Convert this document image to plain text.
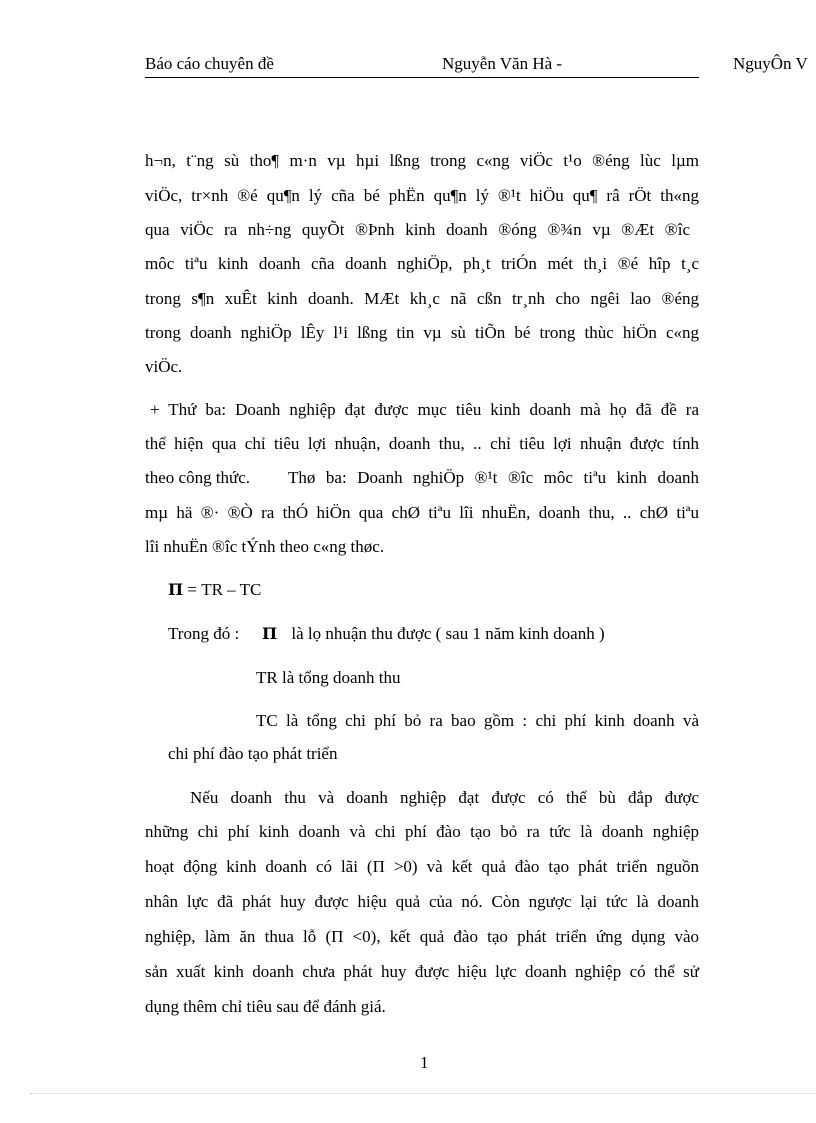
Báo cáo chuyên đề	Nguyễn Văn Hà -	NguyÔn V
h¬n, t¨ng sù tho¶ m·n vµ hµi lßng trong c«ng viÖc t¹o ®éng lùc lµm
viÖc, tr×nh ®é qu¶n lý cña bé phËn qu¶n lý ®¹t hiÖu qu¶ râ rÖt th«ng
qua viÖc ra nh÷ng quyÕt ®Þnh kinh doanh ®óng ®¾n vµ ®Æt ®îc
môc tiªu kinh doanh cña doanh nghiÖp, ph¸t triÓn mét th¸i ®é hîp t¸c
trong s¶n xuÊt kinh doanh. MÆt kh¸c nã cßn tr¸nh cho ngêi lao ®éng
trong doanh nghiÖp lÊy l¹i lßng tin vµ sù tiÕn bé trong thùc hiÖn c«ng
viÖc.
+ Thứ ba: Doanh nghiệp đạt được mục tiêu kinh doanh mà họ đã đề ra
thể hiện qua chỉ tiêu lợi nhuận, doanh thu, .. chỉ tiêu lợi nhuận được tính
theo công thức. Thø ba: Doanh nghiÖp ®¹t ®îc môc tiªu kinh doanh
mµ hä ®· ®Ò ra thÓ hiÖn qua chØ tiªu lîi nhuËn, doanh thu, .. chØ tiªu
lîi nhuËn ®îc tÝnh theo c«ng thøc.
Π = TR – TC
Trong đó : Π là lọ nhuận thu được ( sau 1 năm kinh doanh )
TR là tổng doanh thu
TC là tổng chi phí bỏ ra bao gồm : chi phí kinh doanh và
chi phí đào tạo phát triển
Nếu doanh thu và doanh nghiệp đạt được có thể bù đắp được
những chi phí kinh doanh và chi phí đào tạo bỏ ra tức là doanh nghiệp
hoạt động kinh doanh có lãi (Π >0) và kết quả đào tạo phát triển nguồn
nhân lực đã phát huy được hiệu quả của nó. Còn ngược lại tức là doanh
nghiệp, làm ăn thua lỗ (Π <0), kết quả đào tạo phát triển ứng dụng vào
sản xuất kinh doanh chưa phát huy được hiệu lực doanh nghiệp có thể sử
dụng thêm chỉ tiêu sau để đánh giá.
1
